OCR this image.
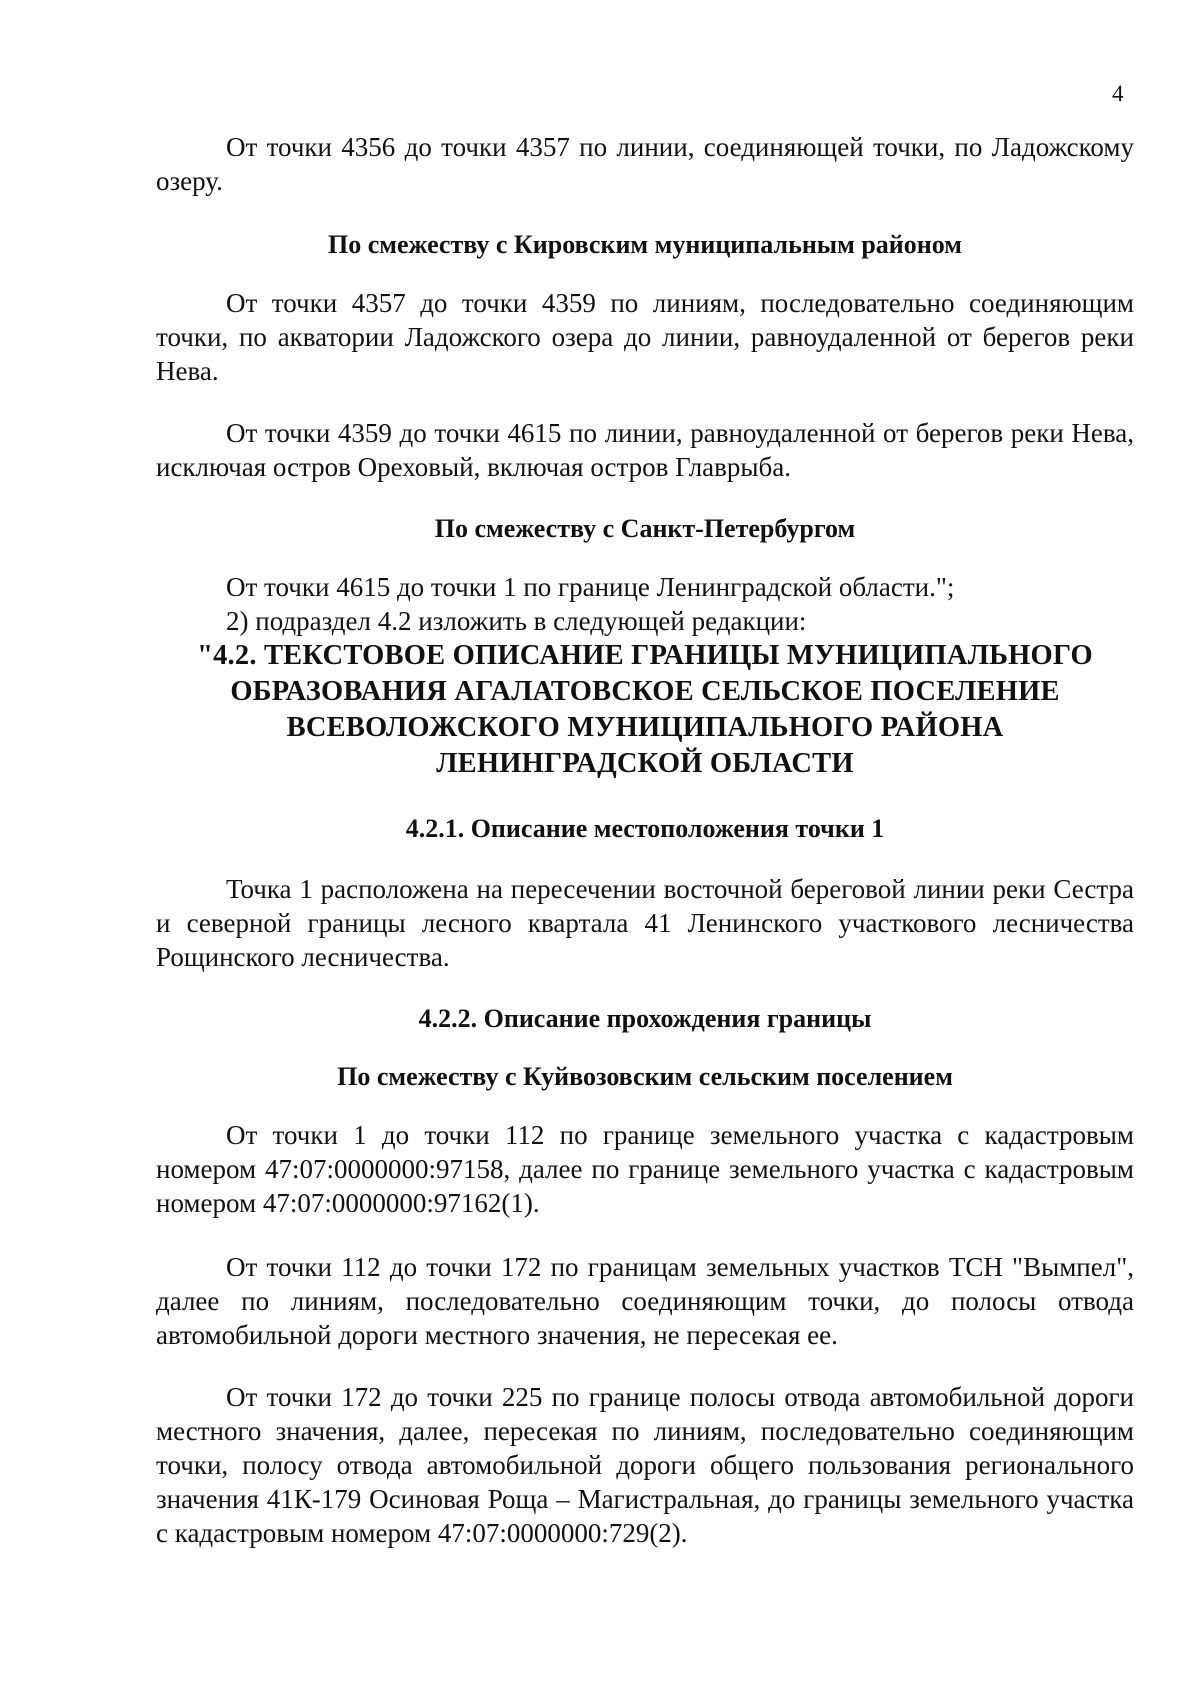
4

От точки 4356 до точки 4357 по линии, соединяющей точки, по Ладожскому озеру.

По смежеству с Кировским муниципальным районом

От точки 4357 до точки 4359 по линиям, последовательно соединяющим точки, по акватории Ладожского озера до линии, равноудаленной от берегов реки Нева.

От точки 4359 до точки 4615 по линии, равноудаленной от берегов реки Нева, исключая остров Ореховый, включая остров Главрыба.

По смежеству с Санкт-Петербургом

От точки 4615 до точки 1 по границе Ленинградской области.";

2) подраздел 4.2 изложить в следующей редакции:

"4.2. ТЕКСТОВОЕ ОПИСАНИЕ ГРАНИЦЫ МУНИЦИПАЛЬНОГО

ОБРАЗОВАНИЯ АГАЛАТОВСКОЕ СЕЛЬСКОЕ ПОСЕЛЕНИЕ

ВСЕВОЛОЖСКОГО МУНИЦИПАЛЬНОГО РАЙОНА

ЛЕНИНГРАДСКОЙ ОБЛАСТИ

4.2.1. Описание местоположения точки 1

Точка 1 расположена на пересечении восточной береговой линии реки Сестра и северной границы лесного квартала 41 Ленинского участкового лесничества Рощинского лесничества.

4.2.2. Описание прохождения границы

По смежеству с Куйвозовским сельским поселением

От точки 1 до точки 112 по границе земельного участка с кадастровым номером 47:07:0000000:97158, далее по границе земельного участка с кадастровым номером 47:07:0000000:97162(1).

От точки 112 до точки 172 по границам земельных участков ТСН "Вымпел", далее по линиям, последовательно соединяющим точки, до полосы отвода автомобильной дороги местного значения, не пересекая ее.

От точки 172 до точки 225 по границе полосы отвода автомобильной дороги местного значения, далее, пересекая по линиям, последовательно соединяющим точки, полосу отвода автомобильной дороги общего пользования регионального значения 41К-179 Осиновая Роща – Магистральная, до границы земельного участка с кадастровым номером 47:07:0000000:729(2).
